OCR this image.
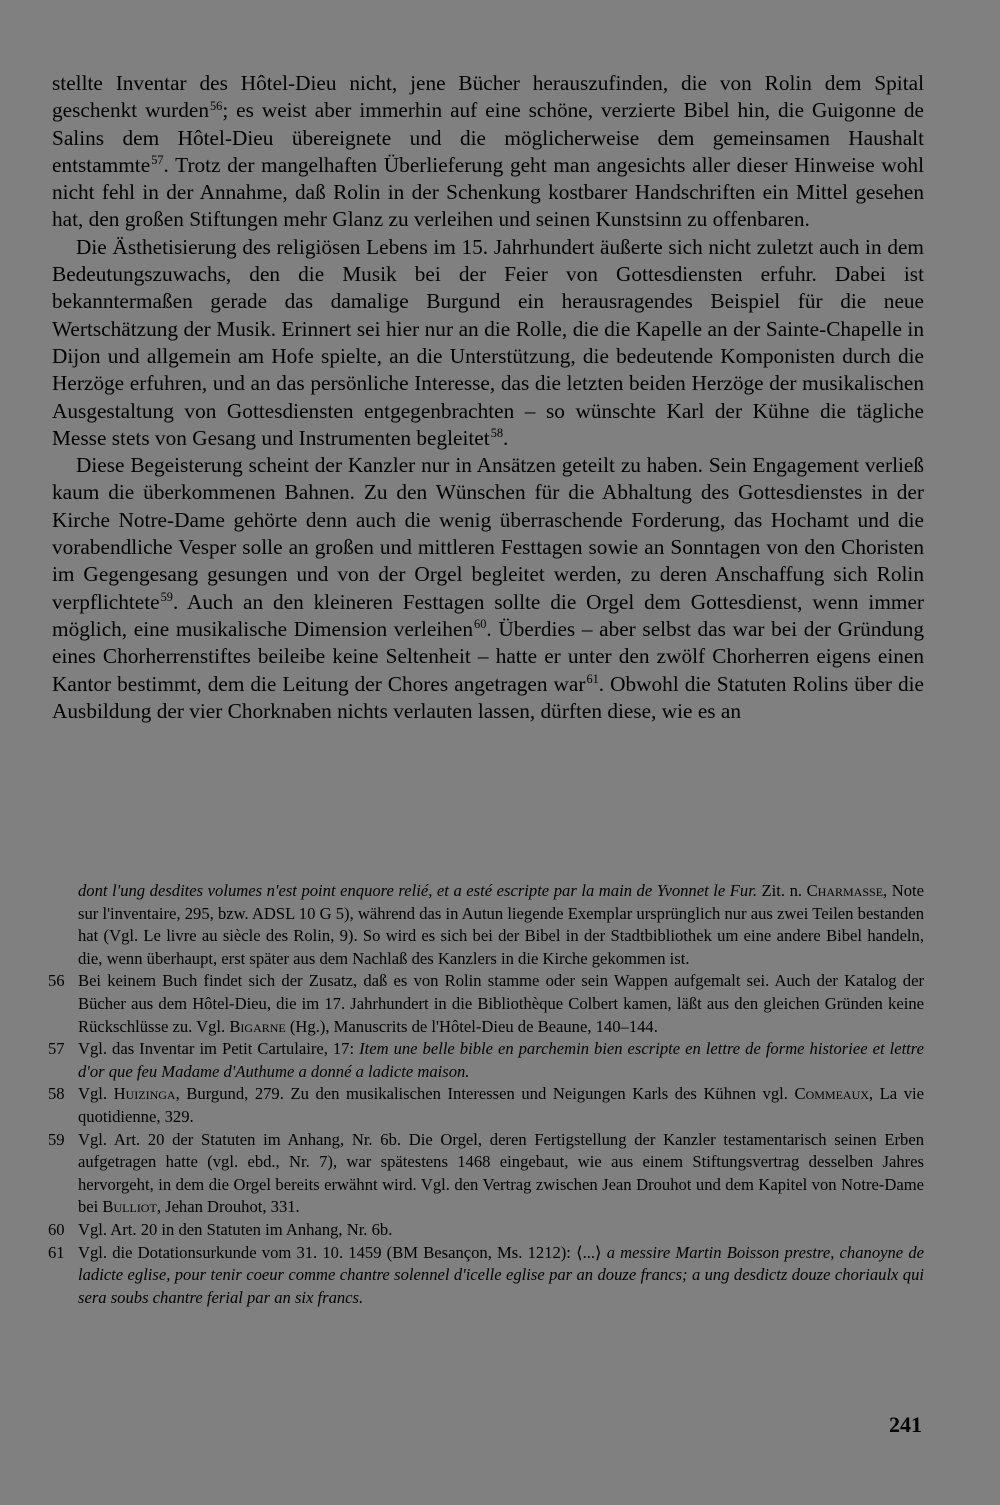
stellte Inventar des Hôtel-Dieu nicht, jene Bücher herauszufinden, die von Rolin dem Spital geschenkt wurden$^{56}$; es weist aber immerhin auf eine schöne, verzierte Bibel hin, die Guigonne de Salins dem Hôtel-Dieu übereignete und die möglicherweise dem gemeinsamen Haushalt entstammte$^{57}$. Trotz der mangelhaften Überlieferung geht man angesichts aller dieser Hinweise wohl nicht fehl in der Annahme, daß Rolin in der Schenkung kostbarer Handschriften ein Mittel gesehen hat, den großen Stiftungen mehr Glanz zu verleihen und seinen Kunstsinn zu offenbaren.

Die Ästhetisierung des religiösen Lebens im 15. Jahrhundert äußerte sich nicht zuletzt auch in dem Bedeutungszuwachs, den die Musik bei der Feier von Gottesdiensten erfuhr. Dabei ist bekanntermaßen gerade das damalige Burgund ein herausragendes Beispiel für die neue Wertschätzung der Musik. Erinnert sei hier nur an die Rolle, die die Kapelle an der Sainte-Chapelle in Dijon und allgemein am Hofe spielte, an die Unterstützung, die bedeutende Komponisten durch die Herzöge erfuhren, und an das persönliche Interesse, das die letzten beiden Herzöge der musikalischen Ausgestaltung von Gottesdiensten entgegenbrachten – so wünschte Karl der Kühne die tägliche Messe stets von Gesang und Instrumenten begleitet$^{58}$.

Diese Begeisterung scheint der Kanzler nur in Ansätzen geteilt zu haben. Sein Engagement verließ kaum die überkommenen Bahnen. Zu den Wünschen für die Abhaltung des Gottesdienstes in der Kirche Notre-Dame gehörte denn auch die wenig überraschende Forderung, das Hochamt und die vorabendliche Vesper solle an großen und mittleren Festtagen sowie an Sonntagen von den Choristen im Gegengesang gesungen und von der Orgel begleitet werden, zu deren Anschaffung sich Rolin verpflichtete$^{59}$. Auch an den kleineren Festtagen sollte die Orgel dem Gottesdienst, wenn immer möglich, eine musikalische Dimension verleihen$^{60}$. Überdies – aber selbst das war bei der Gründung eines Chorherrenstiftes beileibe keine Seltenheit – hatte er unter den zwölf Chorherren eigens einen Kantor bestimmt, dem die Leitung der Chores angetragen war$^{61}$. Obwohl die Statuten Rolins über die Ausbildung der vier Chorknaben nichts verlauten lassen, dürften diese, wie es an

dont l'ung desdites volumes n'est point enquore relié, et a esté escripte par la main de Yvonnet le Fur. Zit. n. Charmasse, Note sur l'inventaire, 295, bzw. ADSL 10 G 5), während das in Autun liegende Exemplar ursprünglich nur aus zwei Teilen bestanden hat (Vgl. Le livre au siècle des Rolin, 9). So wird es sich bei der Bibel in der Stadtbibliothek um eine andere Bibel handeln, die, wenn überhaupt, erst später aus dem Nachlaß des Kanzlers in die Kirche gekommen ist.

56 Bei keinem Buch findet sich der Zusatz, daß es von Rolin stamme oder sein Wappen aufgemalt sei. Auch der Katalog der Bücher aus dem Hôtel-Dieu, die im 17. Jahrhundert in die Bibliothèque Colbert kamen, läßt aus den gleichen Gründen keine Rückschlüsse zu. Vgl. Bigarne (Hg.), Manuscrits de l'Hôtel-Dieu de Beaune, 140–144.
57 Vgl. das Inventar im Petit Cartulaire, 17: Item une belle bible en parchemin bien escripte en lettre de forme historiee et lettre d'or que feu Madame d'Authume a donné a ladicte maison.
58 Vgl. Huizinga, Burgund, 279. Zu den musikalischen Interessen und Neigungen Karls des Kühnen vgl. Commeaux, La vie quotidienne, 329.
59 Vgl. Art. 20 der Statuten im Anhang, Nr. 6b. Die Orgel, deren Fertigstellung der Kanzler testamentarisch seinen Erben aufgetragen hatte (vgl. ebd., Nr. 7), war spätestens 1468 eingebaut, wie aus einem Stiftungsvertrag desselben Jahres hervorgeht, in dem die Orgel bereits erwähnt wird. Vgl. den Vertrag zwischen Jean Drouhot und dem Kapitel von Notre-Dame bei Bulliot, Jehan Drouhot, 331.
60 Vgl. Art. 20 in den Statuten im Anhang, Nr. 6b.
61 Vgl. die Dotationsurkunde vom 31. 10. 1459 (BM Besançon, Ms. 1212): ⟨...⟩ a messire Martin Boisson prestre, chanoyne de ladicte eglise, pour tenir coeur comme chantre solennel d'icelle eglise par an douze francs; a ung desdictz douze choriaulx qui sera soubs chantre ferial par an six francs.
241
